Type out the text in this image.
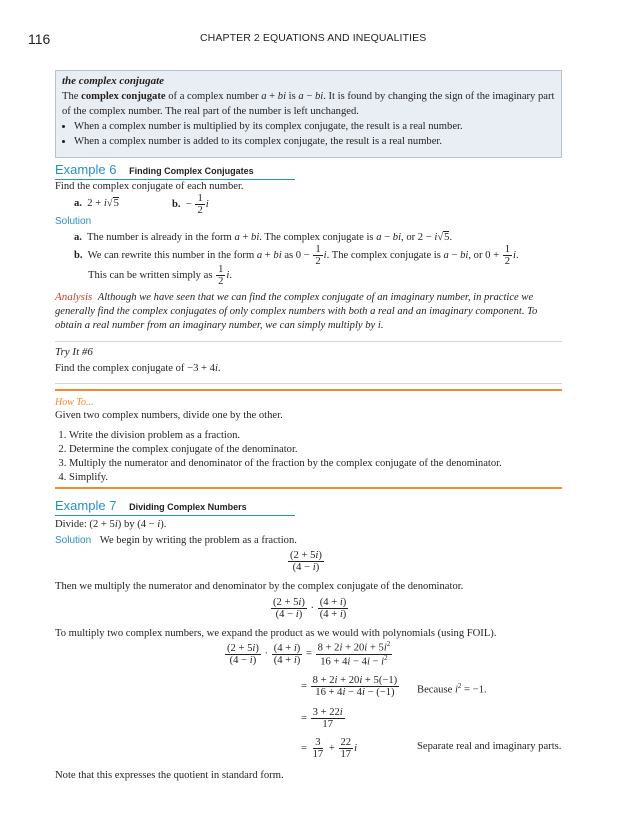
116	CHAPTER 2 EQUATIONS AND INEQUALITIES
the complex conjugate
The complex conjugate of a complex number a + bi is a − bi. It is found by changing the sign of the imaginary part of the complex number. The real part of the number is left unchanged.
• When a complex number is multiplied by its complex conjugate, the result is a real number.
• When a complex number is added to its complex conjugate, the result is a real number.
Example 6 Finding Complex Conjugates
Find the complex conjugate of each number.
a.  2 + i√5	b.  − $\frac{1}{2}$ i
Solution
a.  The number is already in the form a + bi. The complex conjugate is a − bi, or 2 − i√5.
b.  We can rewrite this number in the form a + bi as $0 - \frac{1}{2} i$. The complex conjugate is a − bi, or $0 + \frac{1}{2} i$.
This can be written simply as $\frac{1}{2} i$.
Analysis Although we have seen that we can find the complex conjugate of an imaginary number, in practice we generally find the complex conjugates of only complex numbers with both a real and an imaginary component. To obtain a real number from an imaginary number, we can simply multiply by i.
Try It #6
Find the complex conjugate of −3 + 4i.
How To...
Given two complex numbers, divide one by the other.
1. Write the division problem as a fraction.
2. Determine the complex conjugate of the denominator.
3. Multiply the numerator and denominator of the fraction by the complex conjugate of the denominator.
4. Simplify.
Example 7 Dividing Complex Numbers
Divide: (2 + 5i) by (4 − i).
Solution We begin by writing the problem as a fraction.
$\frac{(2 + 5i)}{(4 - i)}$
Then we multiply the numerator and denominator by the complex conjugate of the denominator.
$\frac{(2 + 5i)}{(4 - i)} \cdot \frac{(4 + i)}{(4 + i)}$
To multiply two complex numbers, we expand the product as we would with polynomials (using FOIL).
$\frac{(2 + 5i)}{(4 - i)} \cdot \frac{(4 + i)}{(4 + i)} = \frac{8 + 2i + 20i + 5i^2}{16 + 4i - 4i - i^2}$
= $\frac{8 + 2i + 20i + 5(-1)}{16 + 4i - 4i - (-1)}$ Because $i^2 = -1$.
= $\frac{3 + 22i}{17}$
= $\frac{3}{17} + \frac{22}{17}$ i	Separate real and imaginary parts.
Note that this expresses the quotient in standard form.
